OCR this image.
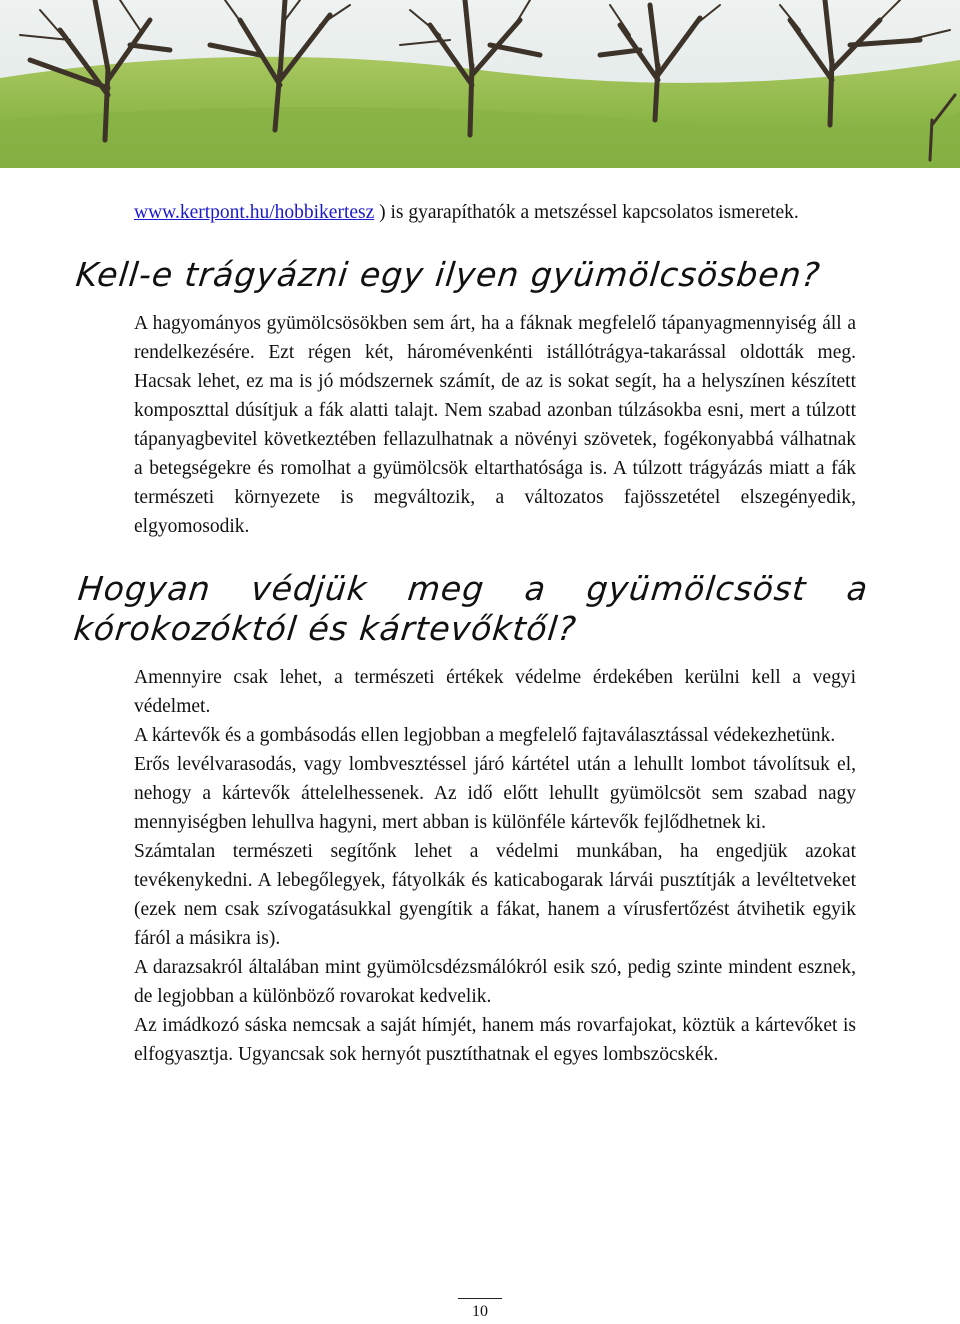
www.kertpont.hu/hobbikertesz ) is gyarapíthatók a metszéssel kapcsolatos ismeretek.

Kell-e trágyázni egy ilyen gyümölcsösben?

A hagyományos gyümölcsösökben sem árt, ha a fáknak megfelelő tápanyagmennyiség áll a rendelkezésére. Ezt régen két, háromévenkénti istállótrágya-takarással oldották meg. Hacsak lehet, ez ma is jó módszernek számít, de az is sokat segít, ha a helyszínen készített komposzttal dúsítjuk a fák alatti talajt. Nem szabad azonban túlzásokba esni, mert a túlzott tápanyagbevitel következtében fellazulhatnak a növényi szövetek, fogékonyabbá válhatnak a betegségekre és romolhat a gyümölcsök eltarthatósága is. A túlzott trágyázás miatt a fák természeti környezete is megváltozik, a változatos fajösszetétel elszegényedik, elgyomosodik.

Hogyan védjük meg a gyümölcsöst a kórokozóktól és kártevőktől?

Amennyire csak lehet, a természeti értékek védelme érdekében kerülni kell a vegyi védelmet.

A kártevők és a gombásodás ellen legjobban a megfelelő fajtaválasztással védekezhetünk.

Erős levélvarasodás, vagy lombvesztéssel járó kártétel után a lehullt lombot távolítsuk el, nehogy a kártevők áttelelhessenek. Az idő előtt lehullt gyümölcsöt sem szabad nagy mennyiségben lehullva hagyni, mert abban is különféle kártevők fejlődhetnek ki.

Számtalan természeti segítőnk lehet a védelmi munkában, ha engedjük azokat tevékenykedni. A lebegőlegyek, fátyolkák és katicabogarak lárvái pusztítják a levéltetveket (ezek nem csak szívogatásukkal gyengítik a fákat, hanem a vírusfertőzést átvihetik egyik fáról a másikra is).

A darazsakról általában mint gyümölcsdézsmálókról esik szó, pedig szinte mindent esznek, de legjobban a különböző rovarokat kedvelik.

Az imádkozó sáska nemcsak a saját hímjét, hanem más rovarfajokat, köztük a kártevőket is elfogyasztja. Ugyancsak sok hernyót pusztíthatnak el egyes lombszöcskék.

10
